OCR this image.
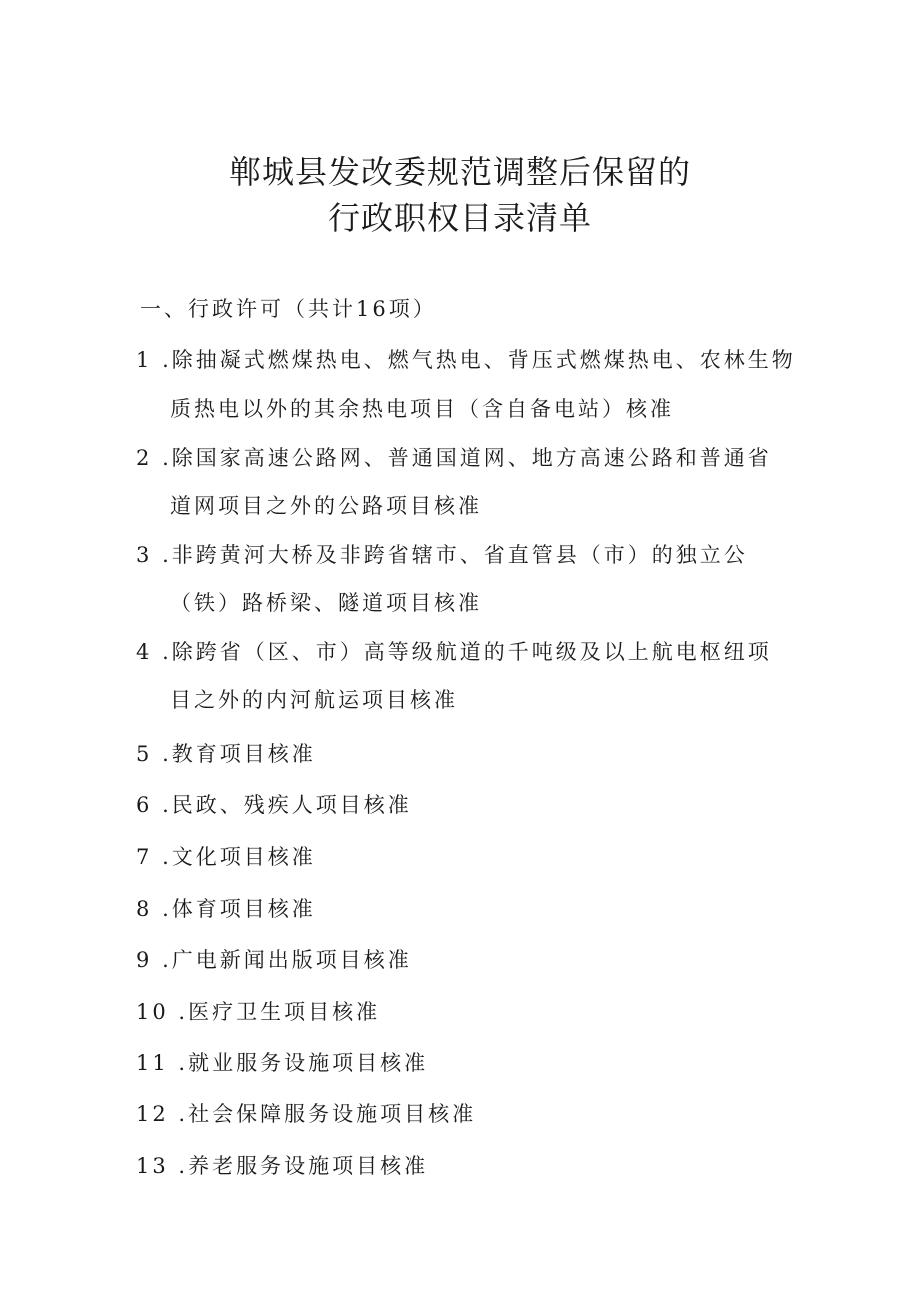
郸城县发改委规范调整后保留的
行政职权目录清单

一、行政许可（共计16项）

1 .除抽凝式燃煤热电、燃气热电、背压式燃煤热电、农林生物

质热电以外的其余热电项目（含自备电站）核准

2 .除国家高速公路网、普通国道网、地方高速公路和普通省

道网项目之外的公路项目核准

3 .非跨黄河大桥及非跨省辖市、省直管县（市）的独立公

（铁）路桥梁、隧道项目核准

4 .除跨省（区、市）高等级航道的千吨级及以上航电枢纽项

目之外的内河航运项目核准

5 .教育项目核准

6 .民政、残疾人项目核准

7 .文化项目核准

8 .体育项目核准

9 .广电新闻出版项目核准

10 .医疗卫生项目核准

11 .就业服务设施项目核准

12 .社会保障服务设施项目核准

13 .养老服务设施项目核准
